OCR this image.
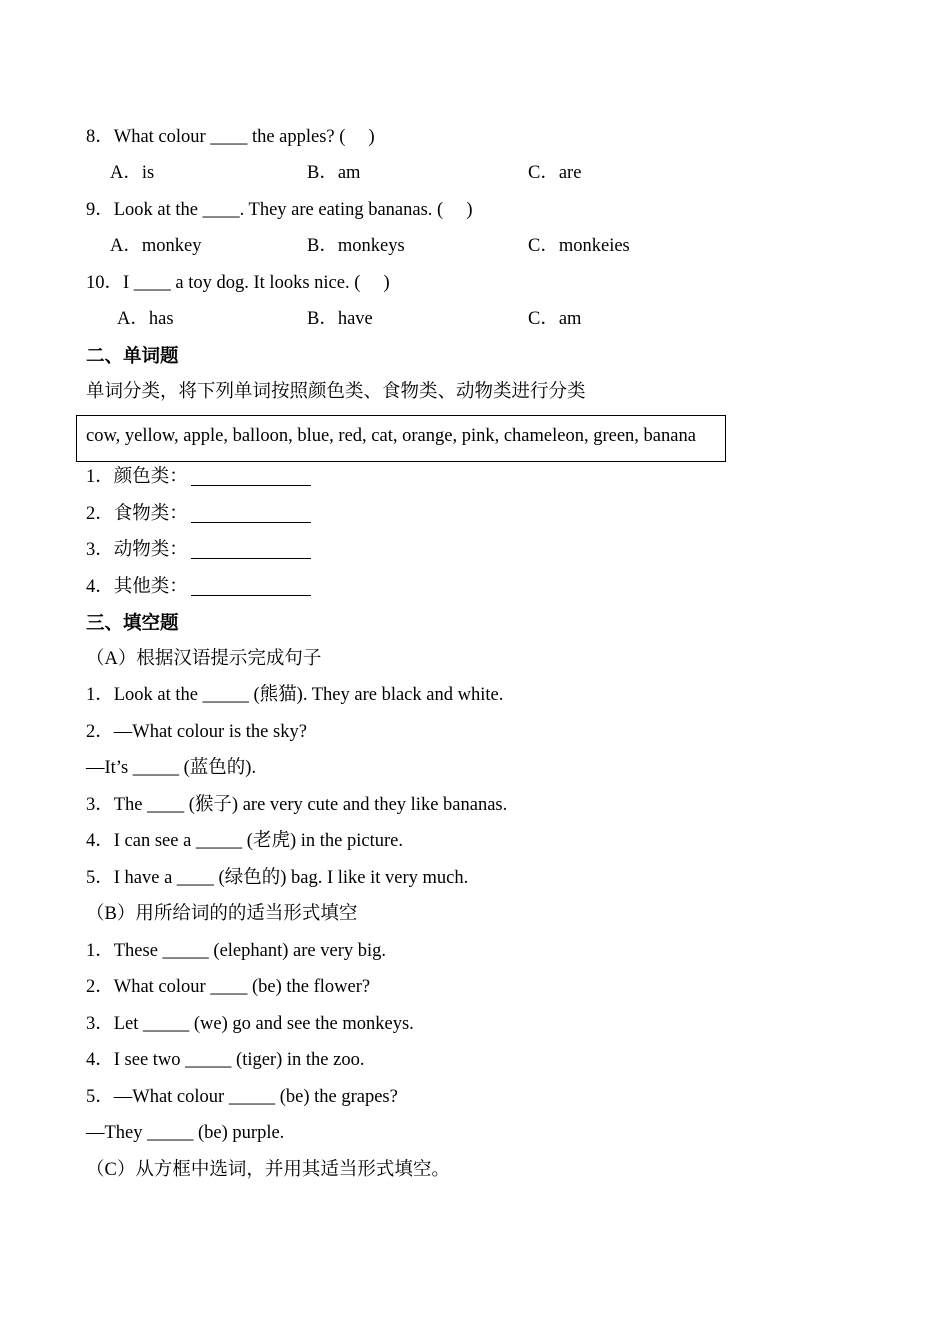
8．What colour ____ the apples? (　 )
A．is	B．am	C．are
9．Look at the ____. They are eating bananas. (　 )
A．monkey	B．monkeys	C．monkeies
10．I ____ a toy dog. It looks nice. (　 )
A．has	B．have	C．am
二、单词题
单词分类，将下列单词按照颜色类、食物类、动物类进行分类
cow, yellow, apple, balloon, blue, red, cat, orange, pink, chameleon, green, banana
1．颜色类：
2．食物类：
3．动物类：
4．其他类：
三、填空题
（A）根据汉语提示完成句子
1．Look at the _____ (熊猫). They are black and white.
2．—What colour is the sky?
—It’s _____ (蓝色的).
3．The ____ (猴子) are very cute and they like bananas.
4．I can see a _____ (老虎) in the picture.
5．I have a ____ (绿色的) bag. I like it very much.
（B）用所给词的的适当形式填空
1．These _____ (elephant) are very big.
2．What colour ____ (be) the flower?
3．Let _____ (we) go and see the monkeys.
4．I see two _____ (tiger) in the zoo.
5．—What colour _____ (be) the grapes?
—They _____ (be) purple.
（C）从方框中选词，并用其适当形式填空。
